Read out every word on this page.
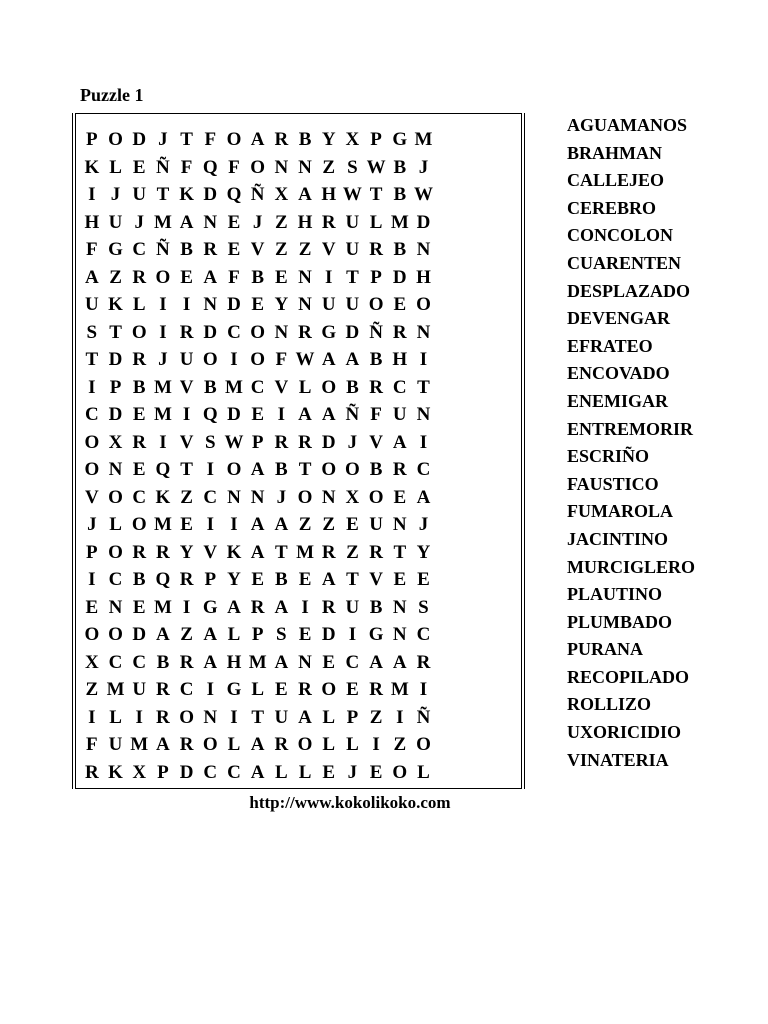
Puzzle 1
P O D J T F O A R B Y X P G M
K L E Ñ F Q F O N N Z S W B J
I J U T K D Q Ñ X A H W T B W
H U J M A N E J Z H R U L M D
F G C Ñ B R E V Z Z V U R B N
A Z R O E A F B E N I T P D H
U K L I I N D E Y N U U O E O
S T O I R D C O N R G D Ñ R N
T D R J U O I O F W A A B H I
I P B M V B M C V L O B R C T
C D E M I Q D E I A A Ñ F U N
O X R I V S W P R R D J V A I
O N E Q T I O A B T O O B R C
V O C K Z C N N J O N X O E A
J L O M E I I A A Z Z E U N J
P O R R Y V K A T M R Z R T Y
I C B Q R P Y E B E A T V E E
E N E M I G A R A I R U B N S
O O D A Z A L P S E D I G N C
X C C B R A H M A N E C A A R
Z M U R C I G L E R O E R M I
I L I R O N I T U A L P Z I Ñ
F U M A R O L A R O L L I Z O
R K X P D C C A L L E J E O L
AGUAMANOS
BRAHMAN
CALLEJEO
CEREBRO
CONCOLON
CUARENTEN
DESPLAZADO
DEVENGAR
EFRATEO
ENCOVADO
ENEMIGAR
ENTREMORIR
ESCRIÑO
FAUSTICO
FUMAROLA
JACINTINO
MURCIGLERO
PLAUTINO
PLUMBADO
PURANA
RECOPILADO
ROLLIZO
UXORICIDIO
VINATERIA
http://www.kokolikoko.com
